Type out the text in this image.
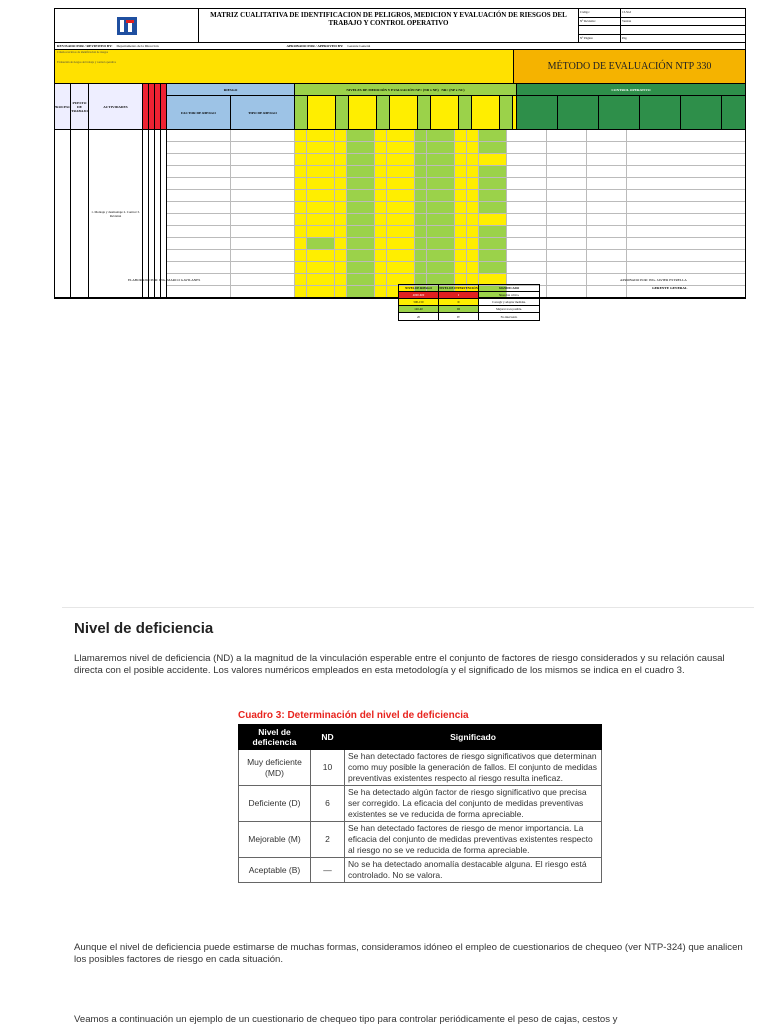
MATRIZ CUALITATIVA DE IDENTIFICACION DE PELIGROS, MEDICION Y EVALUACIÓN DE RIESGOS DEL TRABAJO Y CONTROL OPERATIVO
Código:	13-SGI
N° Revisión:	Versión
N° Página:	Pág.
REVISADO POR / REVIEWED BY:	Departamento de la Dirección	APROBADO POR / APPROVED BY:	Gerente General
Criterios técnicos de identificación de riesgos
Evaluación de riesgos del trabajo y control operativo	MÉTODO DE EVALUACIÓN NTP 330
PROCESO
PUESTO DE TRABAJO
ACTIVIDADES
RIESGO
FACTOR DE RIESGO	TIPO DE RIESGO
NIVELES DE MEDICIÓN Y EVALUACIÓN NP= (ND x NE)
NR= (NP x NC)	CONTROL OPERATIVO
1. Montaje y desmontaje 2. Control 3. Revisión
ELABORADO POR: ING. MARCO GAVILANES	APROBADO POR: ING. JAVIER ESTRELLA
GERENTE GENERAL
NIVEL DE RIESGO	NIVEL DE INTERVENCIÓN	SIGNIFICADO
4000-600	I	Situación crítica.
500-150	II	Corregir y adoptar medidas.
120-40	III	Mejorar si es posible.
20	IV	No intervenir.
Nivel de deficiencia

Llamaremos nivel de deficiencia (ND) a la magnitud de la vinculación esperable entre el conjunto de factores de riesgo considerados y su relación causal directa con el posible accidente. Los valores numéricos empleados en esta metodología y el significado de los mismos se indica en el cuadro 3.

Cuadro 3: Determinación del nivel de deficiencia
Nivel de deficiencia	ND	Significado
Muy deficiente (MD)	10	Se han detectado factores de riesgo significativos que determinan como muy posible la generación de fallos. El conjunto de medidas preventivas existentes respecto al riesgo resulta ineficaz.
Deficiente (D)	6	Se ha detectado algún factor de riesgo significativo que precisa ser corregido. La eficacia del conjunto de medidas preventivas existentes se ve reducida de forma apreciable.
Mejorable (M)	2	Se han detectado factores de riesgo de menor importancia. La eficacia del conjunto de medidas preventivas existentes respecto al riesgo no se ve reducida de forma apreciable.
Aceptable (B)	—	No se ha detectado anomalía destacable alguna. El riesgo está controlado. No se valora.

Aunque el nivel de deficiencia puede estimarse de muchas formas, consideramos idóneo el empleo de cuestionarios de chequeo (ver NTP-324) que analicen los posibles factores de riesgo en cada situación.

Veamos a continuación un ejemplo de un cuestionario de chequeo tipo para controlar periódicamente el peso de cajas, cestos y
